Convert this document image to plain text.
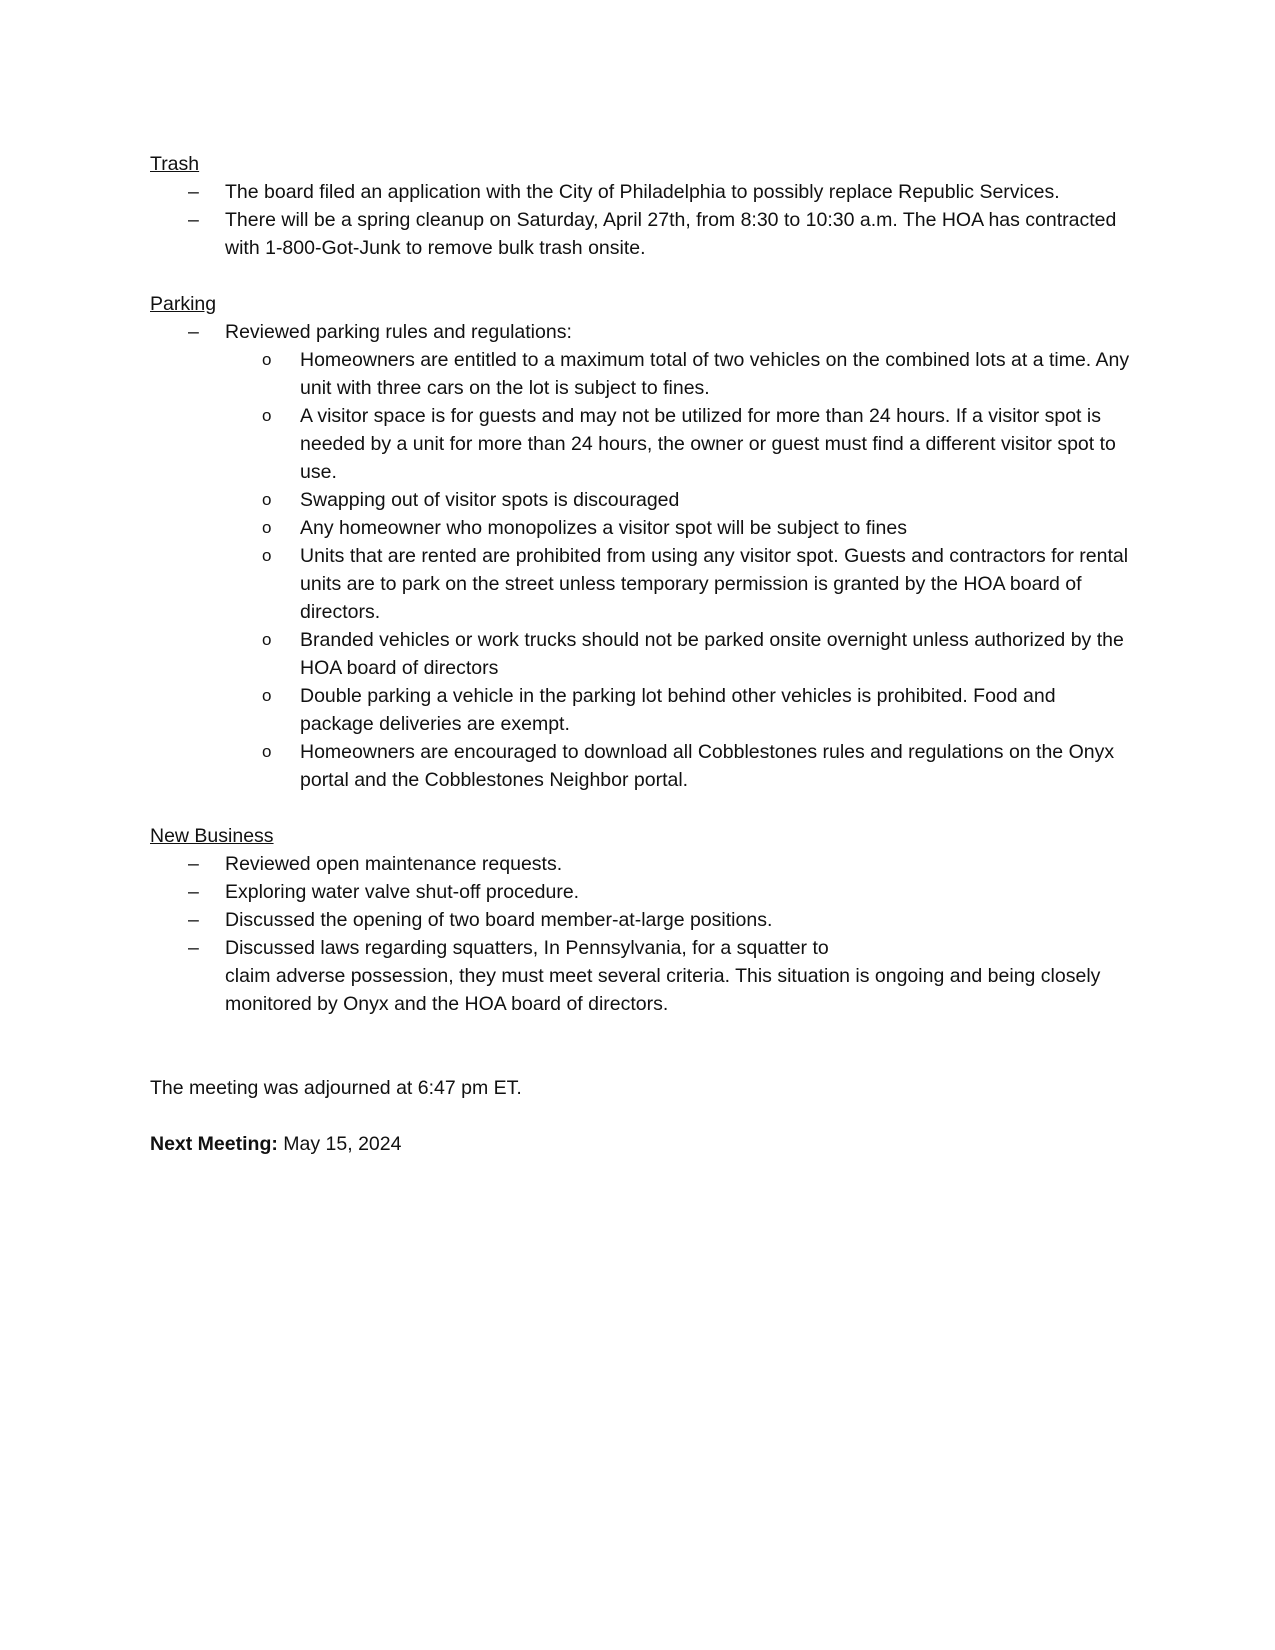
Trash
– The board filed an application with the City of Philadelphia to possibly replace Republic Services.
– There will be a spring cleanup on Saturday, April 27th, from 8:30 to 10:30 a.m. The HOA has contracted with 1-800-Got-Junk to remove bulk trash onsite.
Parking
– Reviewed parking rules and regulations:
o Homeowners are entitled to a maximum total of two vehicles on the combined lots at a time. Any unit with three cars on the lot is subject to fines.
o A visitor space is for guests and may not be utilized for more than 24 hours. If a visitor spot is needed by a unit for more than 24 hours, the owner or guest must find a different visitor spot to use.
o Swapping out of visitor spots is discouraged
o Any homeowner who monopolizes a visitor spot will be subject to fines
o Units that are rented are prohibited from using any visitor spot. Guests and contractors for rental units are to park on the street unless temporary permission is granted by the HOA board of directors.
o Branded vehicles or work trucks should not be parked onsite overnight unless authorized by the HOA board of directors
o Double parking a vehicle in the parking lot behind other vehicles is prohibited. Food and package deliveries are exempt.
o Homeowners are encouraged to download all Cobblestones rules and regulations on the Onyx portal and the Cobblestones Neighbor portal.
New Business
– Reviewed open maintenance requests.
– Exploring water valve shut-off procedure.
– Discussed the opening of two board member-at-large positions.
– Discussed laws regarding squatters, In Pennsylvania, for a squatter to
claim adverse possession, they must meet several criteria. This situation is ongoing and being closely monitored by Onyx and the HOA board of directors.
The meeting was adjourned at 6:47 pm ET.
Next Meeting: May 15, 2024
